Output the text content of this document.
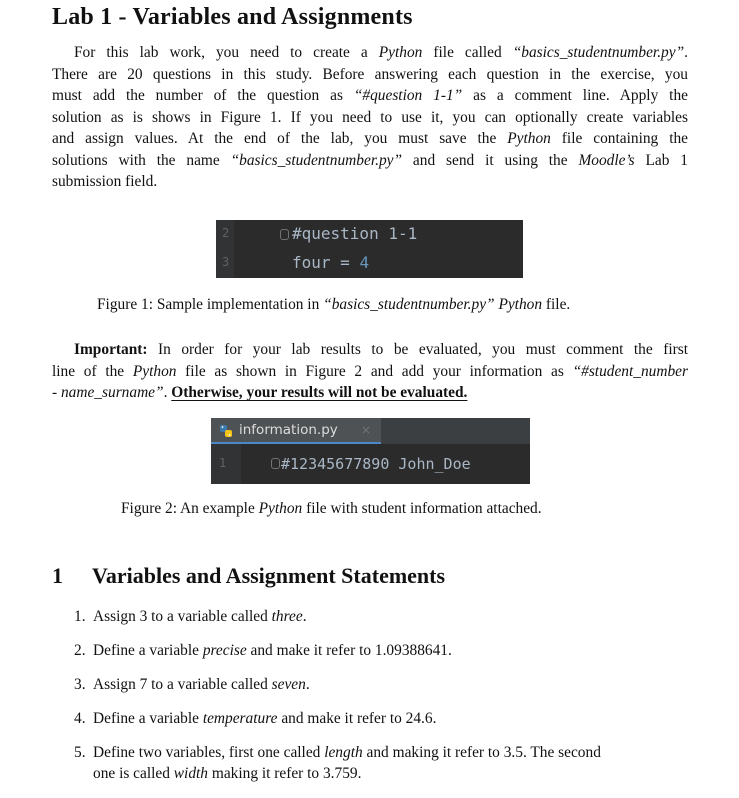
Lab 1 - Variables and Assignments
For this lab work, you need to create a Python file called “basics_studentnumber.py”.
There are 20 questions in this study. Before answering each question in the exercise, you
must add the number of the question as “#question 1-1” as a comment line. Apply the
solution as is shows in Figure 1. If you need to use it, you can optionally create variables
and assign values. At the end of the lab, you must save the Python file containing the
solutions with the name “basics_studentnumber.py” and send it using the Moodle’s Lab 1
submission field.
2
3
#question 1-1
four = 4
Figure 1: Sample implementation in “basics_studentnumber.py” Python file.
Important: In order for your lab results to be evaluated, you must comment the first
line of the Python file as shown in Figure 2 and add your information as “#student_number
- name_surname”. Otherwise, your results will not be evaluated.
information.py ×
1	#12345677890 John_Doe
Figure 2: An example Python file with student information attached.
1 Variables and Assignment Statements
1. Assign 3 to a variable called three.
2. Define a variable precise and make it refer to 1.09388641.
3. Assign 7 to a variable called seven.
4. Define a variable temperature and make it refer to 24.6.
5. Define two variables, first one called length and making it refer to 3.5. The second
one is called width making it refer to 3.759.
